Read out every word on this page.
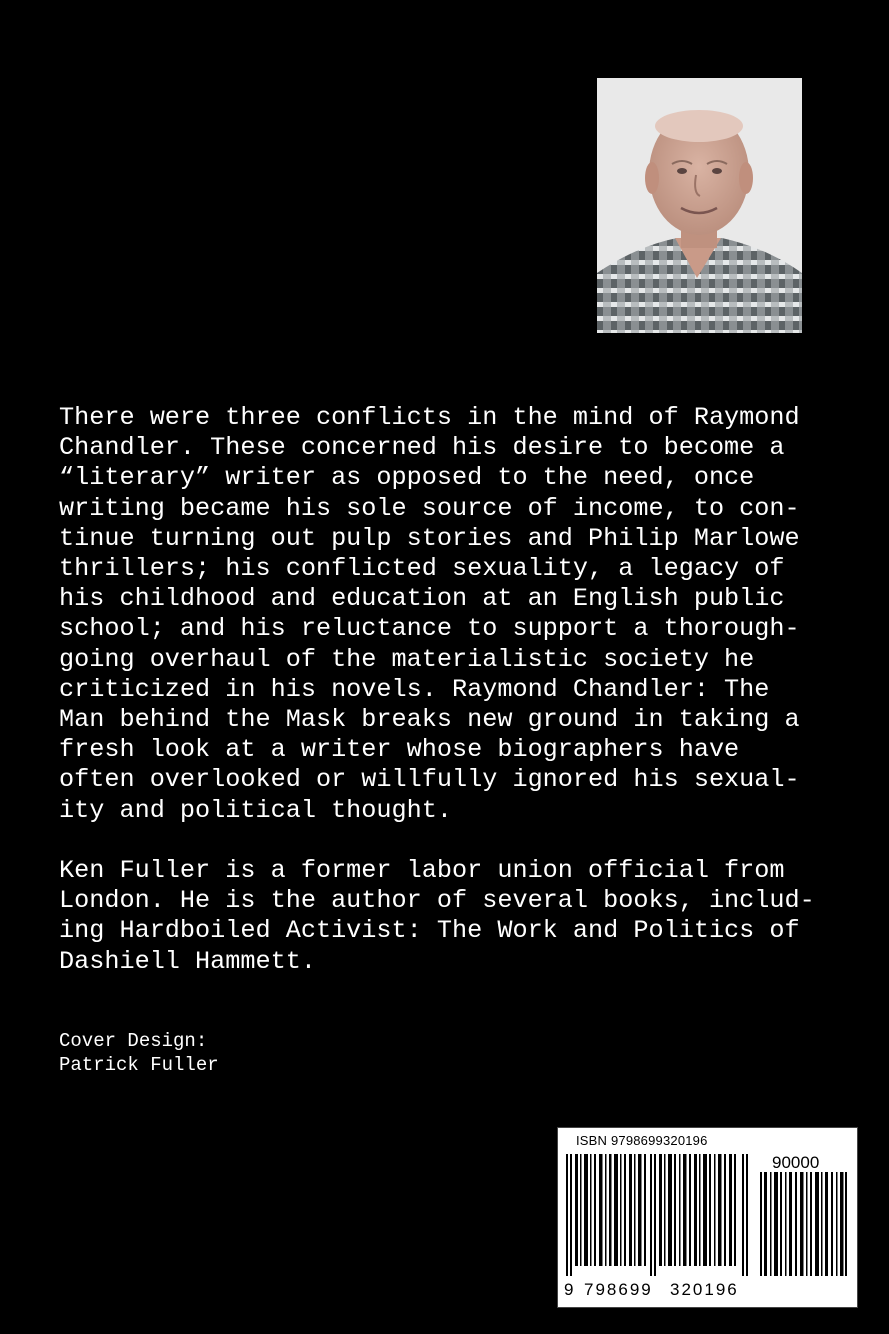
There were three conflicts in the mind of Raymond
Chandler. These concerned his desire to become a
“literary” writer as opposed to the need, once
writing became his sole source of income, to con-
tinue turning out pulp stories and Philip Marlowe
thrillers; his conflicted sexuality, a legacy of
his childhood and education at an English public
school; and his reluctance to support a thorough-
going overhaul of the materialistic society he
criticized in his novels. Raymond Chandler: The
Man behind the Mask breaks new ground in taking a
fresh look at a writer whose biographers have
often overlooked or willfully ignored his sexual-
ity and political thought.

Ken Fuller is a former labor union official from
London. He is the author of several books, includ-
ing Hardboiled Activist: The Work and Politics of
Dashiell Hammett.

Cover Design:
Patrick Fuller
ISBN 9798699320196
90000
9 798699 320196
